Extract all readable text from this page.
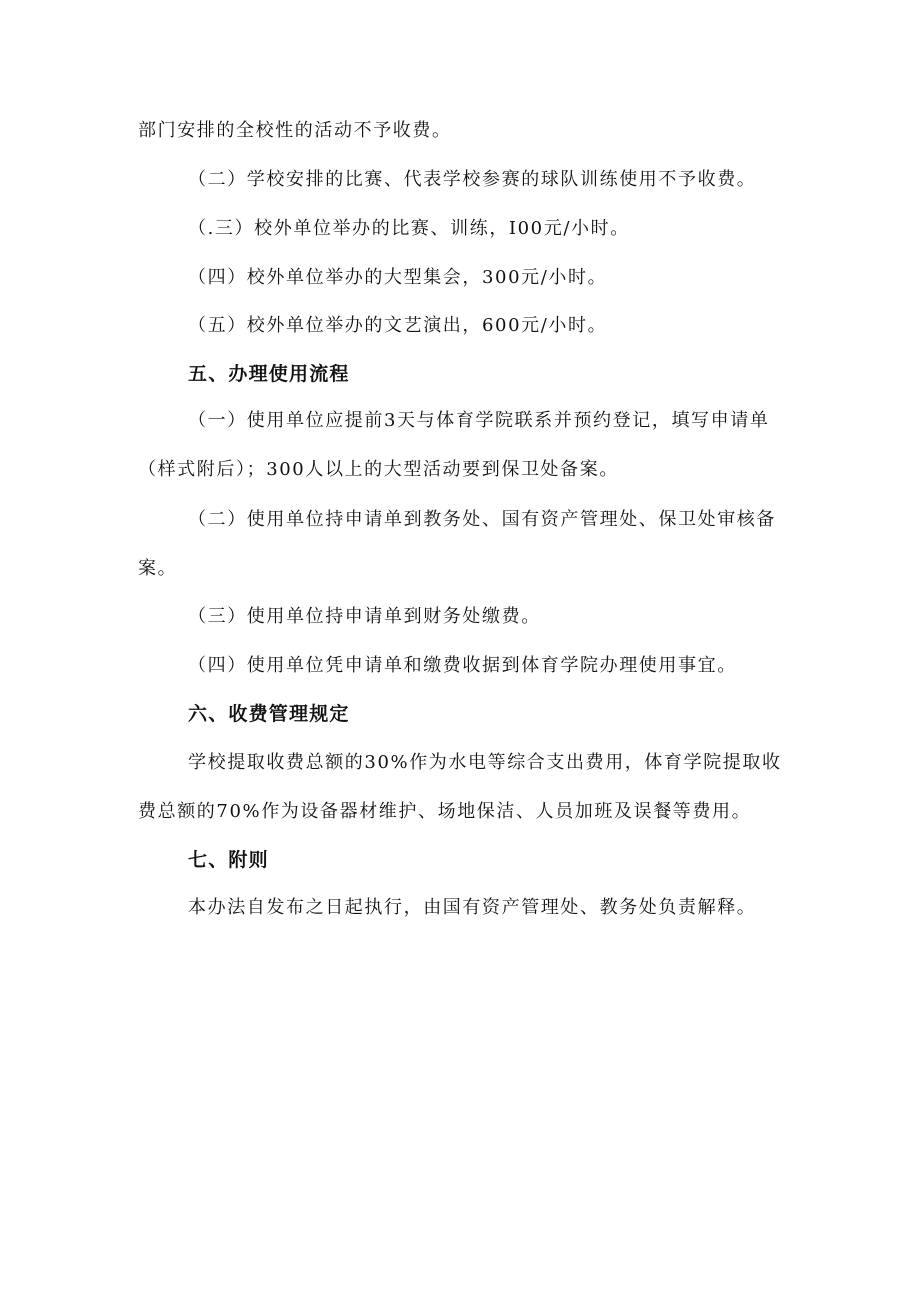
部门安排的全校性的活动不予收费。
（二）学校安排的比赛、代表学校参赛的球队训练使用不予收费。
（.三）校外单位举办的比赛、训练，I00元/小时。
（四）校外单位举办的大型集会，300元/小时。
（五）校外单位举办的文艺演出，600元/小时。
五、办理使用流程
（一）使用单位应提前3天与体育学院联系并预约登记，填写申请单
（样式附后）；300人以上的大型活动要到保卫处备案。
（二）使用单位持申请单到教务处、国有资产管理处、保卫处审核备
案。
（三）使用单位持申请单到财务处缴费。
（四）使用单位凭申请单和缴费收据到体育学院办理使用事宜。
六、收费管理规定
学校提取收费总额的30%作为水电等综合支出费用，体育学院提取收
费总额的70%作为设备器材维护、场地保洁、人员加班及误餐等费用。
七、附则
本办法自发布之日起执行，由国有资产管理处、教务处负责解释。
